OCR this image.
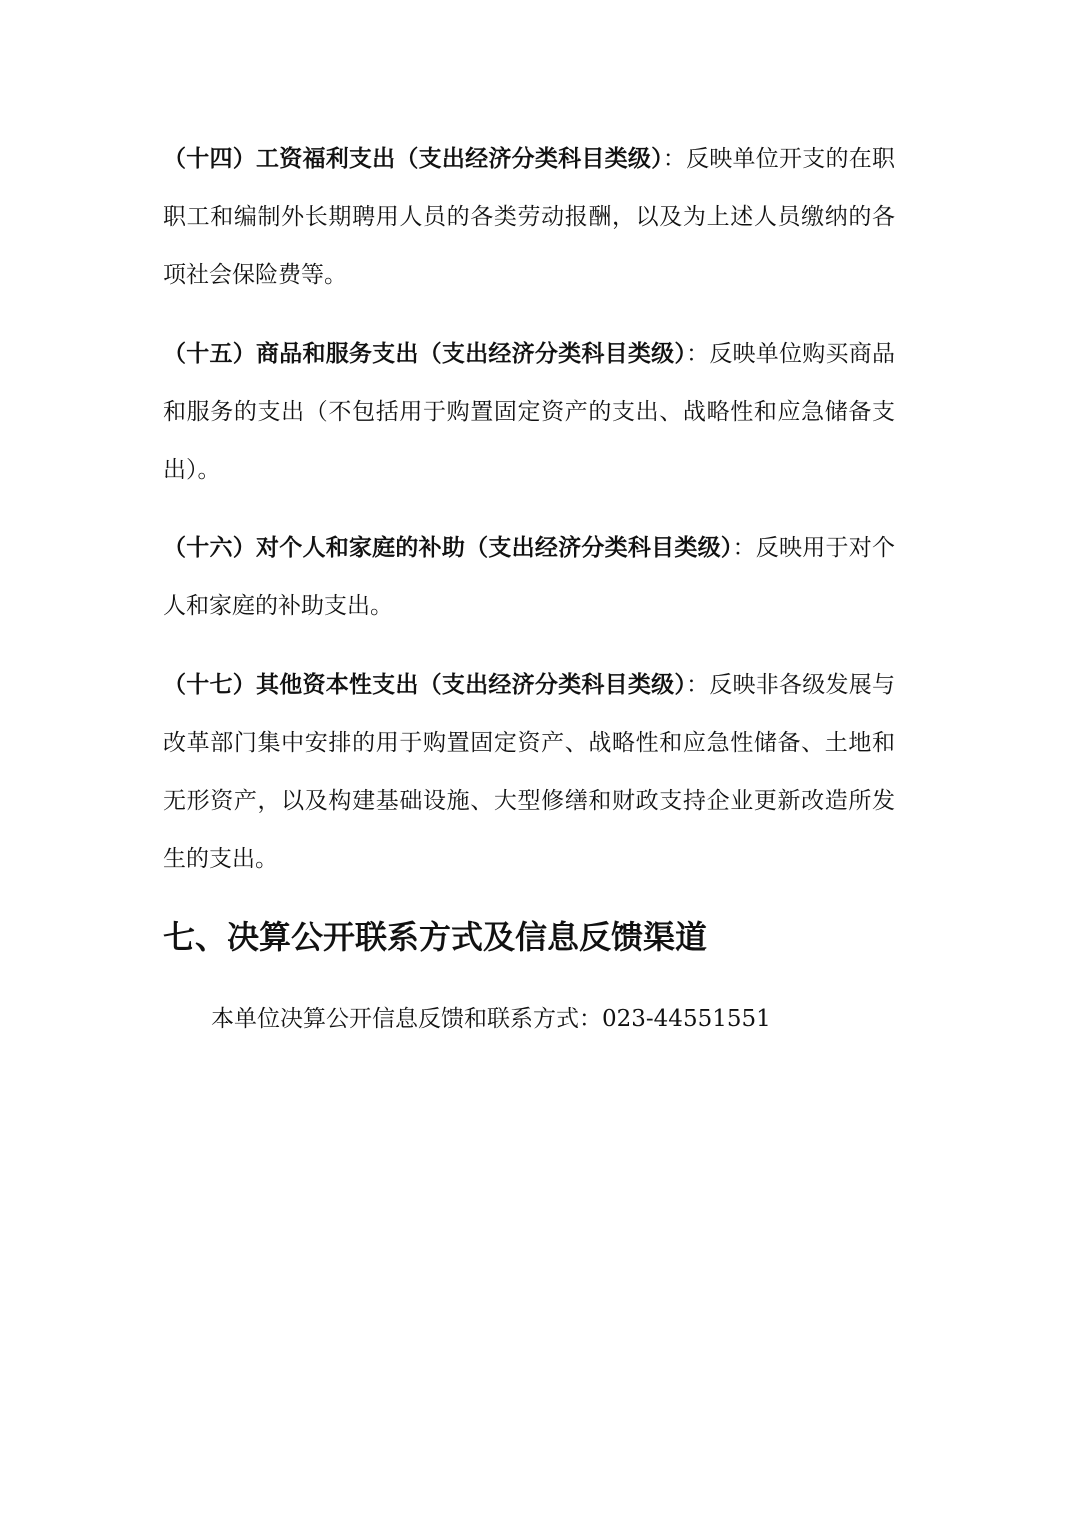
（十四）工资福利支出（支出经济分类科目类级）：反映单位开支的在职职工和编制外长期聘用人员的各类劳动报酬，以及为上述人员缴纳的各项社会保险费等。

（十五）商品和服务支出（支出经济分类科目类级）：反映单位购买商品和服务的支出（不包括用于购置固定资产的支出、战略性和应急储备支出）。

（十六）对个人和家庭的补助（支出经济分类科目类级）：反映用于对个人和家庭的补助支出。

（十七）其他资本性支出（支出经济分类科目类级）：反映非各级发展与改革部门集中安排的用于购置固定资产、战略性和应急性储备、土地和无形资产，以及构建基础设施、大型修缮和财政支持企业更新改造所发生的支出。

七、决算公开联系方式及信息反馈渠道

本单位决算公开信息反馈和联系方式：023-44551551
